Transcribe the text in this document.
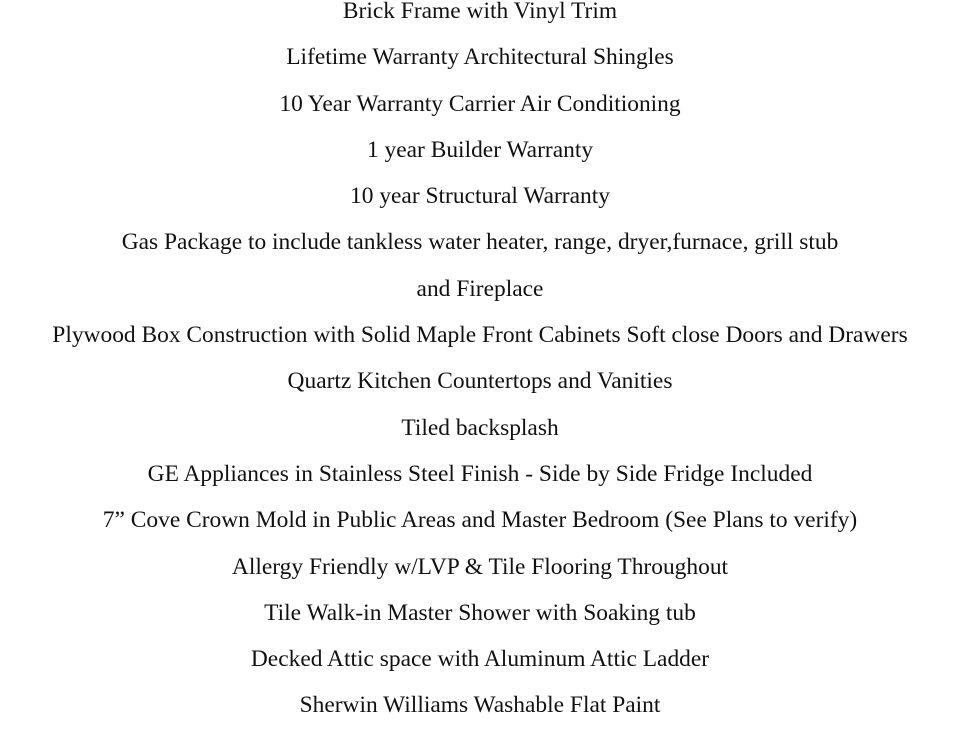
Brick Frame with Vinyl Trim
Lifetime Warranty Architectural Shingles
10 Year Warranty Carrier Air Conditioning
1 year Builder Warranty
10 year Structural Warranty
Gas Package to include tankless water heater, range, dryer,furnace, grill stub
and Fireplace
Plywood Box Construction with Solid Maple Front Cabinets Soft close Doors and Drawers
Quartz Kitchen Countertops and Vanities
Tiled backsplash
GE Appliances in Stainless Steel Finish - Side by Side Fridge Included
7” Cove Crown Mold in Public Areas and Master Bedroom (See Plans to verify)
Allergy Friendly w/LVP & Tile Flooring Throughout
Tile Walk-in Master Shower with Soaking tub
Decked Attic space with Aluminum Attic Ladder
Sherwin Williams Washable Flat Paint
